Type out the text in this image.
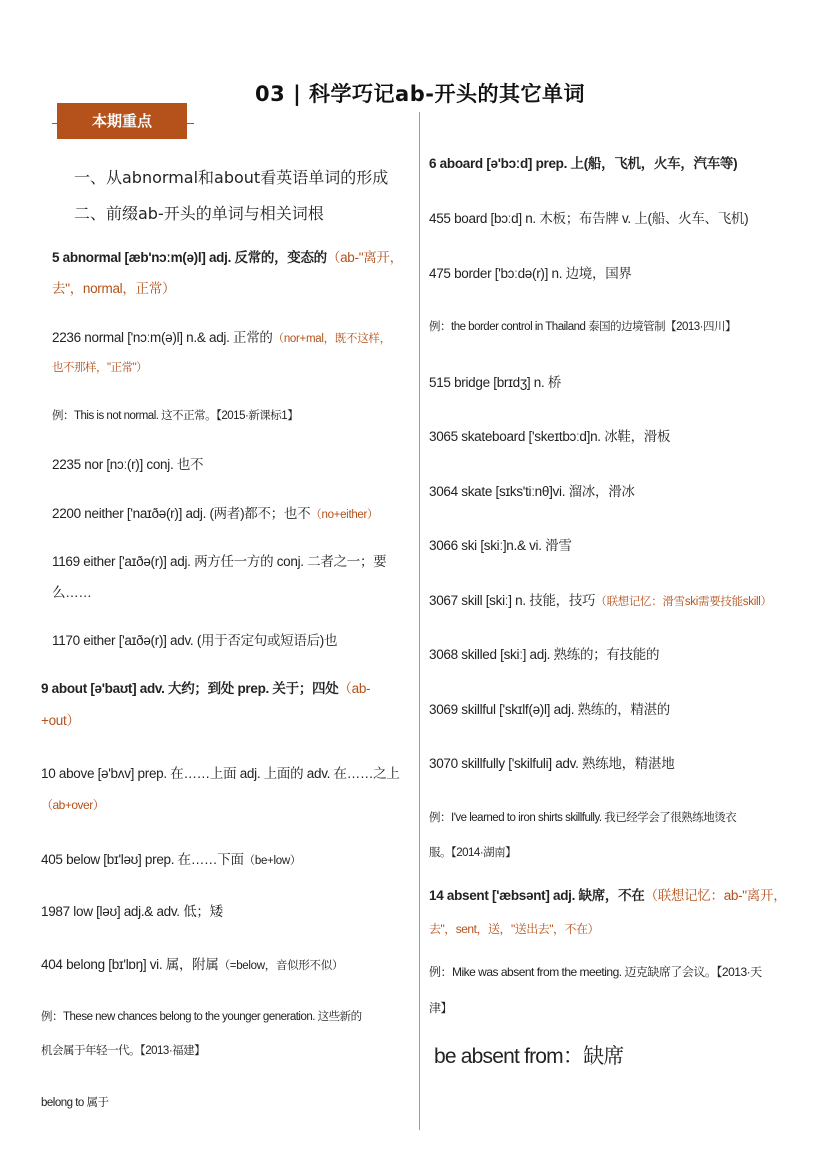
03 | 科学巧记ab-开头的其它单词
本期重点
一、从abnormal和about看英语单词的形成
二、前缀ab-开头的单词与相关词根
5 abnormal [æb'nɔːm(ə)l] adj. 反常的，变态的（ab-"离开，
去"，normal，正常）
2236 normal ['nɔːm(ə)l] n.& adj. 正常的（nor+mal，既不这样，
也不那样，"正常"）
例：This is not normal. 这不正常。【2015·新课标1】
2235 nor [nɔː(r)] conj. 也不
2200 neither ['naɪðə(r)] adj. (两者)都不；也不（no+either）
1169 either ['aɪðə(r)] adj. 两方任一方的 conj. 二者之一；要
么……
1170 either ['aɪðə(r)] adv. (用于否定句或短语后)也
9 about [ə'baʊt] adv. 大约；到处 prep. 关于；四处（ab-
+out）
10 above [ə'bʌv] prep. 在……上面 adj. 上面的 adv. 在……之上
（ab+over）
405 below [bɪ'ləʊ] prep. 在……下面（be+low）
1987 low [ləʊ] adj.& adv. 低；矮
404 belong [bɪ'lɒŋ] vi. 属，附属（=below，音似形不似）
例：These new chances belong to the younger generation. 这些新的
机会属于年轻一代。【2013·福建】
belong to 属于
6 aboard [ə'bɔːd] prep. 上(船，飞机，火车，汽车等)
455 board [bɔːd] n. 木板；布告牌 v. 上(船、火车、飞机)
475 border ['bɔːdə(r)] n. 边境，国界
例：the border control in Thailand 泰国的边境管制【2013·四川】
515 bridge [brɪdʒ] n. 桥
3065 skateboard ['skeɪtbɔːd]n. 冰鞋，滑板
3064 skate [sɪks'tiːnθ]vi. 溜冰，滑冰
3066 ski [skiː]n.& vi. 滑雪
3067 skill [skiː] n. 技能，技巧（联想记忆：滑雪ski需要技能skill）
3068 skilled [skiː] adj. 熟练的；有技能的
3069 skillful ['skɪlf(ə)l] adj. 熟练的，精湛的
3070 skillfully ['skilfuli] adv. 熟练地，精湛地
例：I've learned to iron shirts skillfully. 我已经学会了很熟练地烫衣
服。【2014·湖南】
14 absent ['æbsənt] adj. 缺席，不在（联想记忆：ab-"离开，
去"，sent，送，"送出去"，不在）
例：Mike was absent from the meeting. 迈克缺席了会议。【2013·天
津】
be absent from：缺席
